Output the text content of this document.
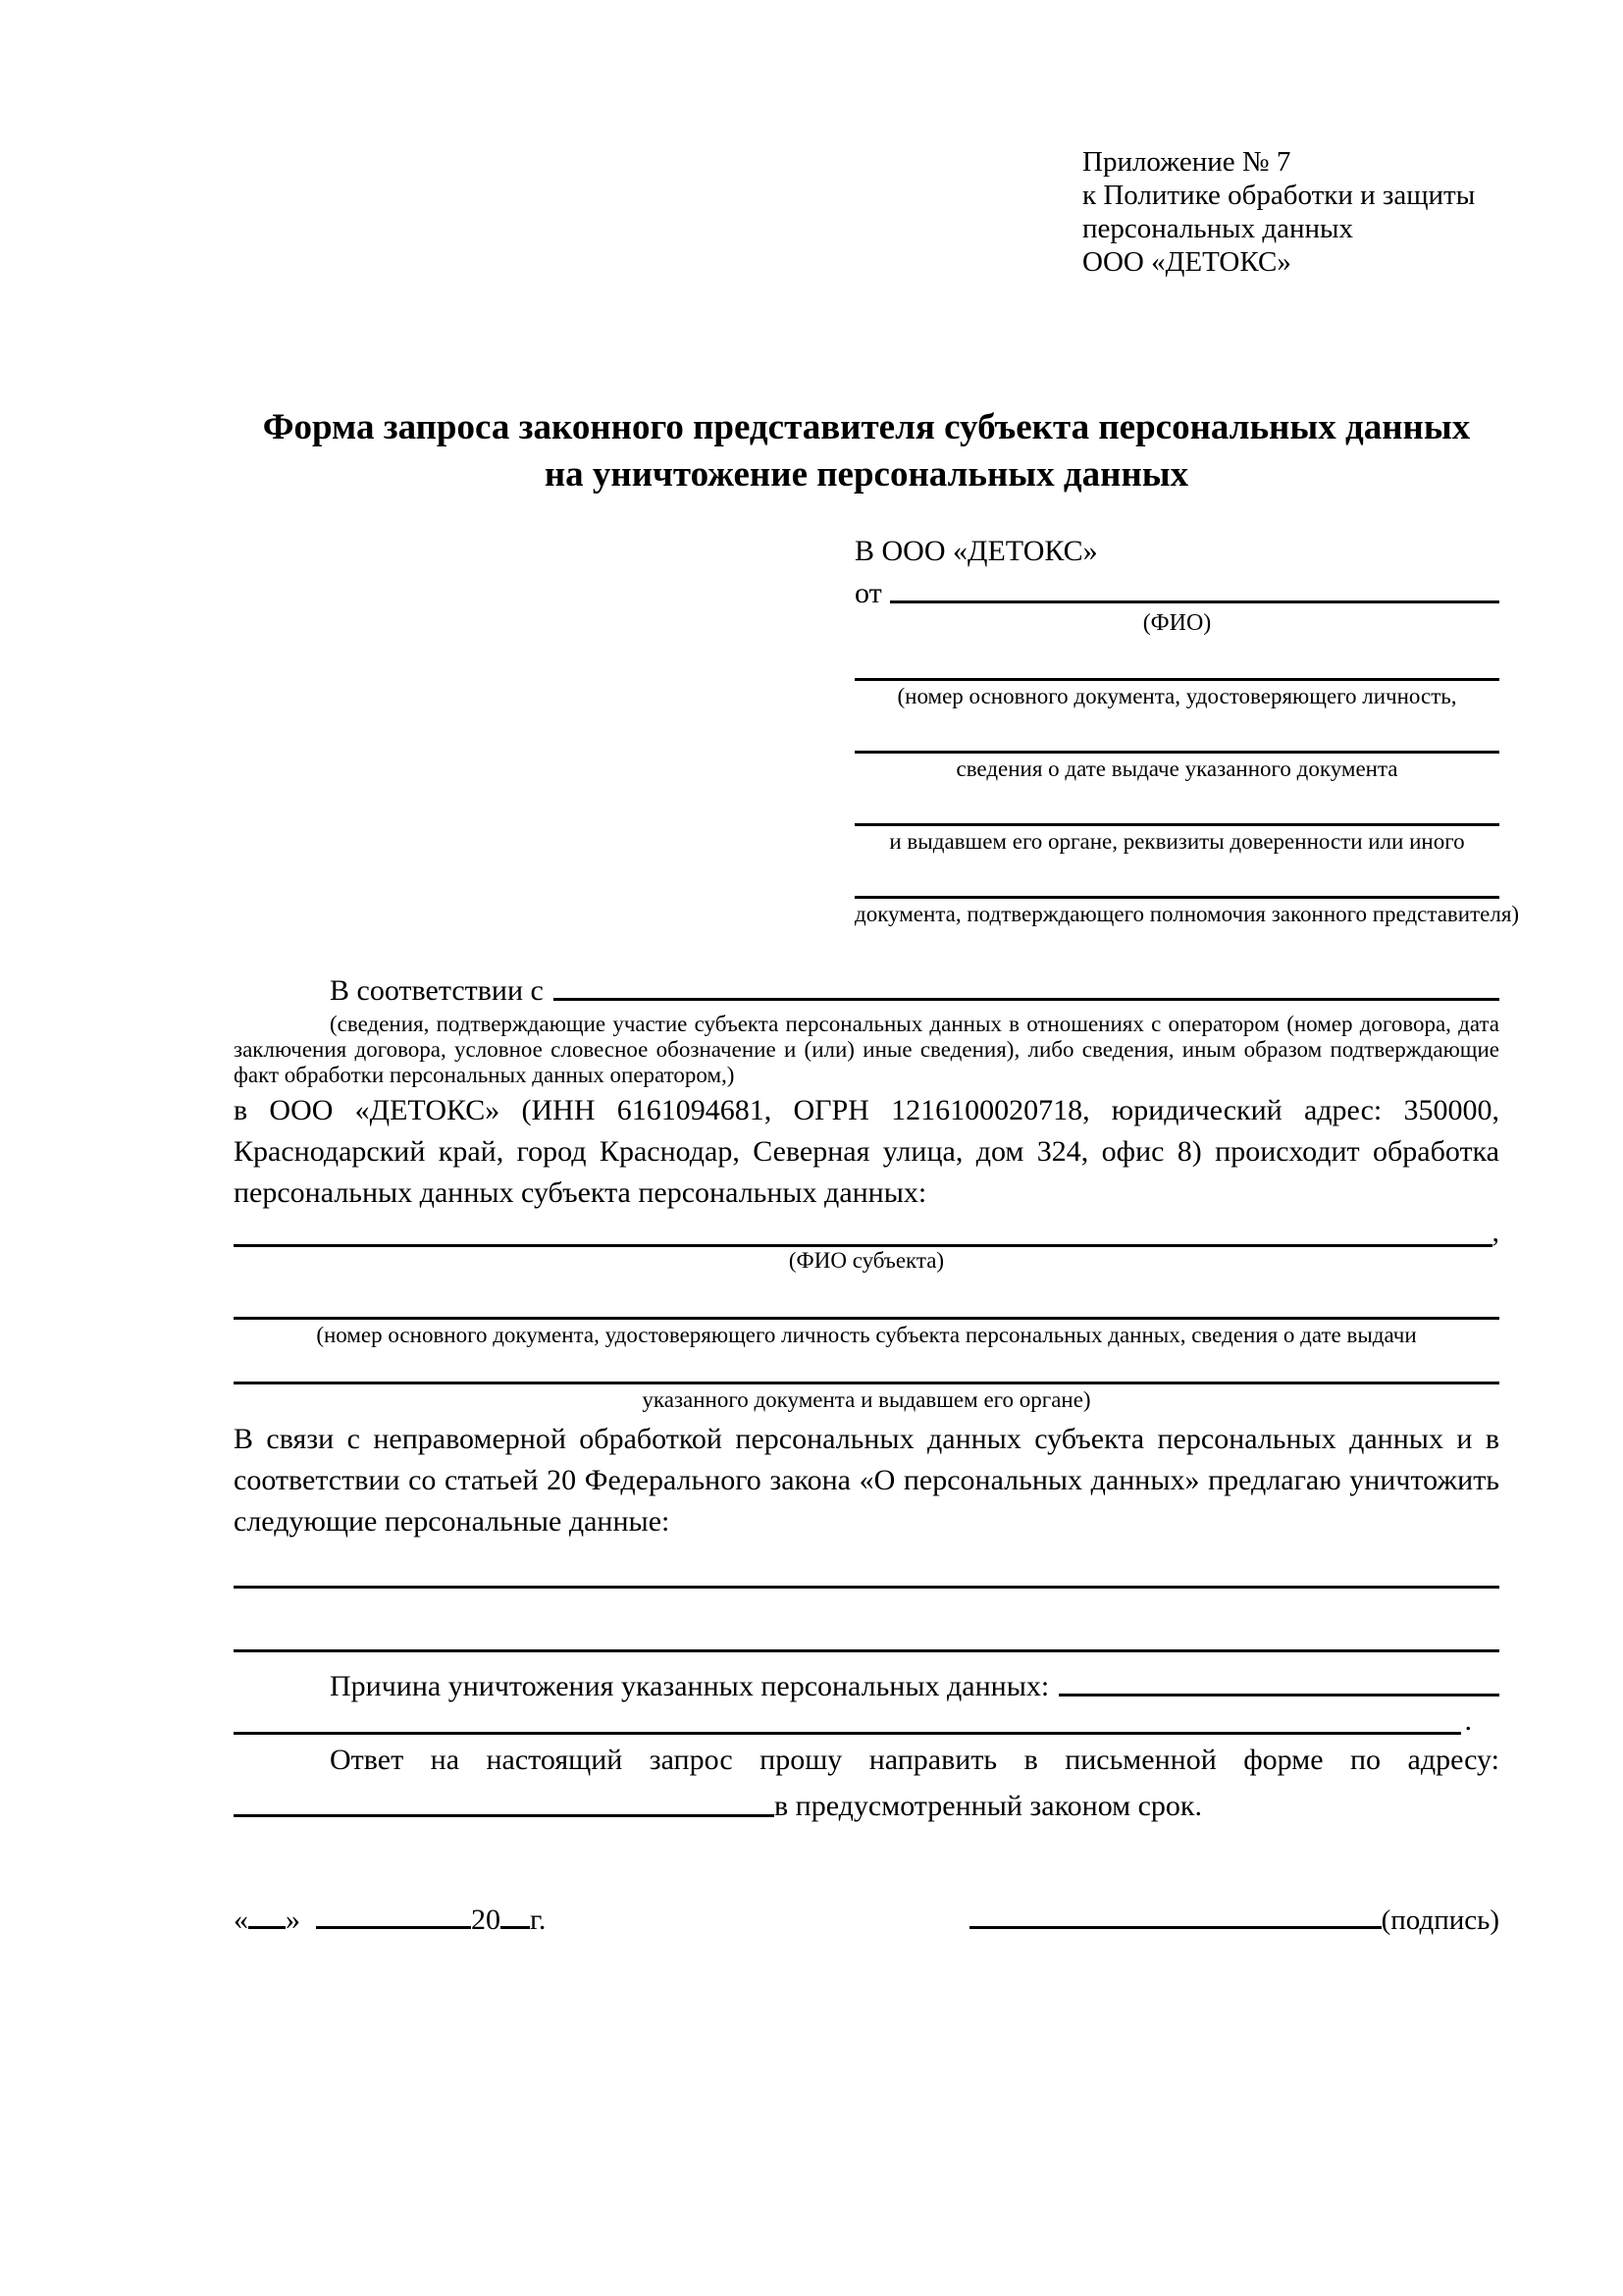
Приложение № 7
к Политике обработки и защиты
персональных данных
ООО «ДЕТОКС»
Форма запроса законного представителя субъекта персональных данных
на уничтожение персональных данных
В ООО «ДЕТОКС»
от
(ФИО)
(номер основного документа, удостоверяющего личность,
сведения о дате выдаче указанного документа
и выдавшем его органе, реквизиты доверенности или иного
документа, подтверждающего полномочия законного представителя)
В соответствии с
(сведения, подтверждающие участие субъекта персональных данных в отношениях с оператором (номер договора, дата заключения договора, условное словесное обозначение и (или) иные сведения), либо сведения, иным образом подтверждающие факт обработки персональных данных оператором,)
в ООО «ДЕТОКС» (ИНН 6161094681, ОГРН 1216100020718, юридический адрес: 350000, Краснодарский край, город Краснодар, Северная улица, дом 324, офис 8) происходит обработка персональных данных субъекта персональных данных:
,
(ФИО субъекта)
(номер основного документа, удостоверяющего личность субъекта персональных данных, сведения о дате выдачи
указанного документа и выдавшем его органе)
В связи с неправомерной обработкой персональных данных субъекта персональных данных и в соответствии со статьей 20 Федерального закона «О персональных данных» предлагаю уничтожить следующие персональные данные:
Причина уничтожения указанных персональных данных:
.
Ответ на настоящий запрос прошу направить в письменной форме по адресу:
в предусмотренный законом срок.
« »	20 г.	(подпись)
